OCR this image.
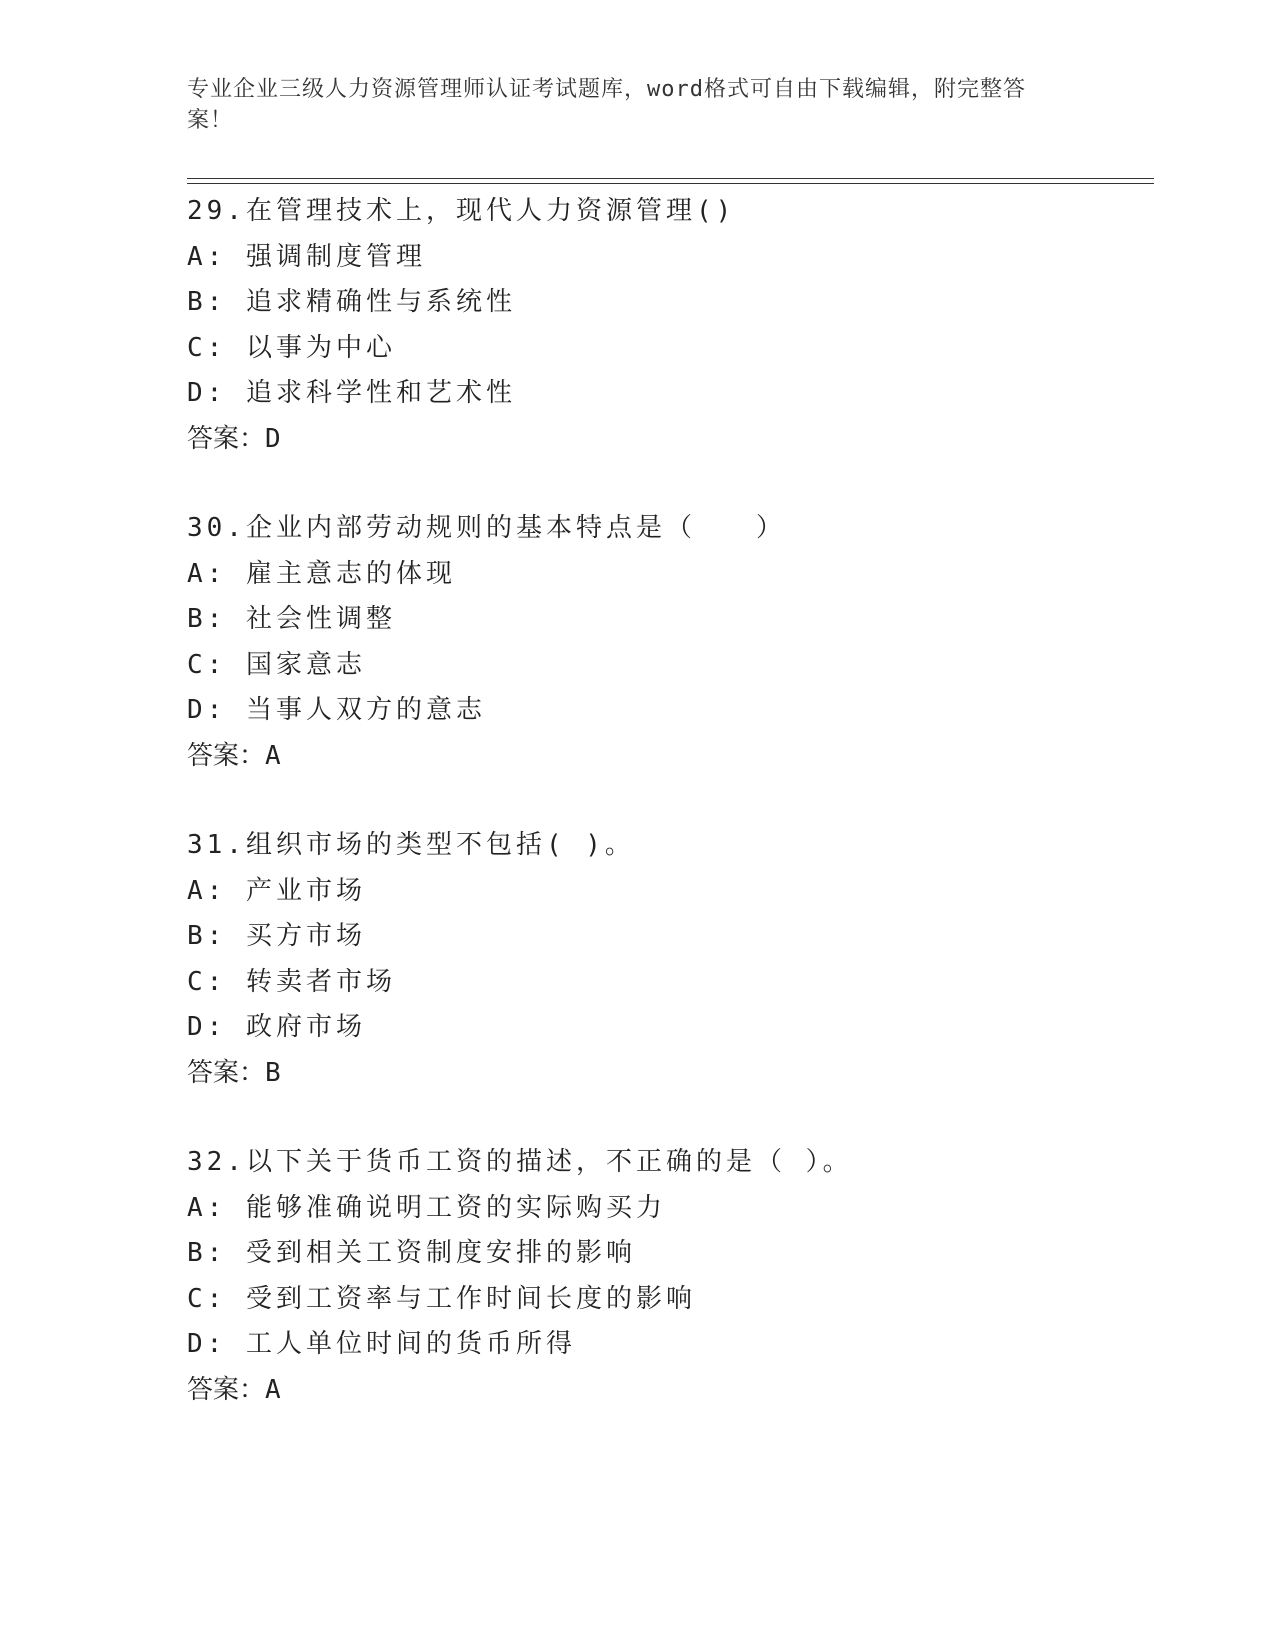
专业企业三级人力资源管理师认证考试题库，word格式可自由下载编辑，附完整答案！
29.在管理技术上，现代人力资源管理()
A: 强调制度管理
B: 追求精确性与系统性
C: 以事为中心
D: 追求科学性和艺术性
答案：D
30.企业内部劳动规则的基本特点是（　　）
A: 雇主意志的体现
B: 社会性调整
C: 国家意志
D: 当事人双方的意志
答案：A
31.组织市场的类型不包括( )。
A: 产业市场
B: 买方市场
C: 转卖者市场
D: 政府市场
答案：B
32.以下关于货币工资的描述，不正确的是（ ）。
A: 能够准确说明工资的实际购买力
B: 受到相关工资制度安排的影响
C: 受到工资率与工作时间长度的影响
D: 工人单位时间的货币所得
答案：A
